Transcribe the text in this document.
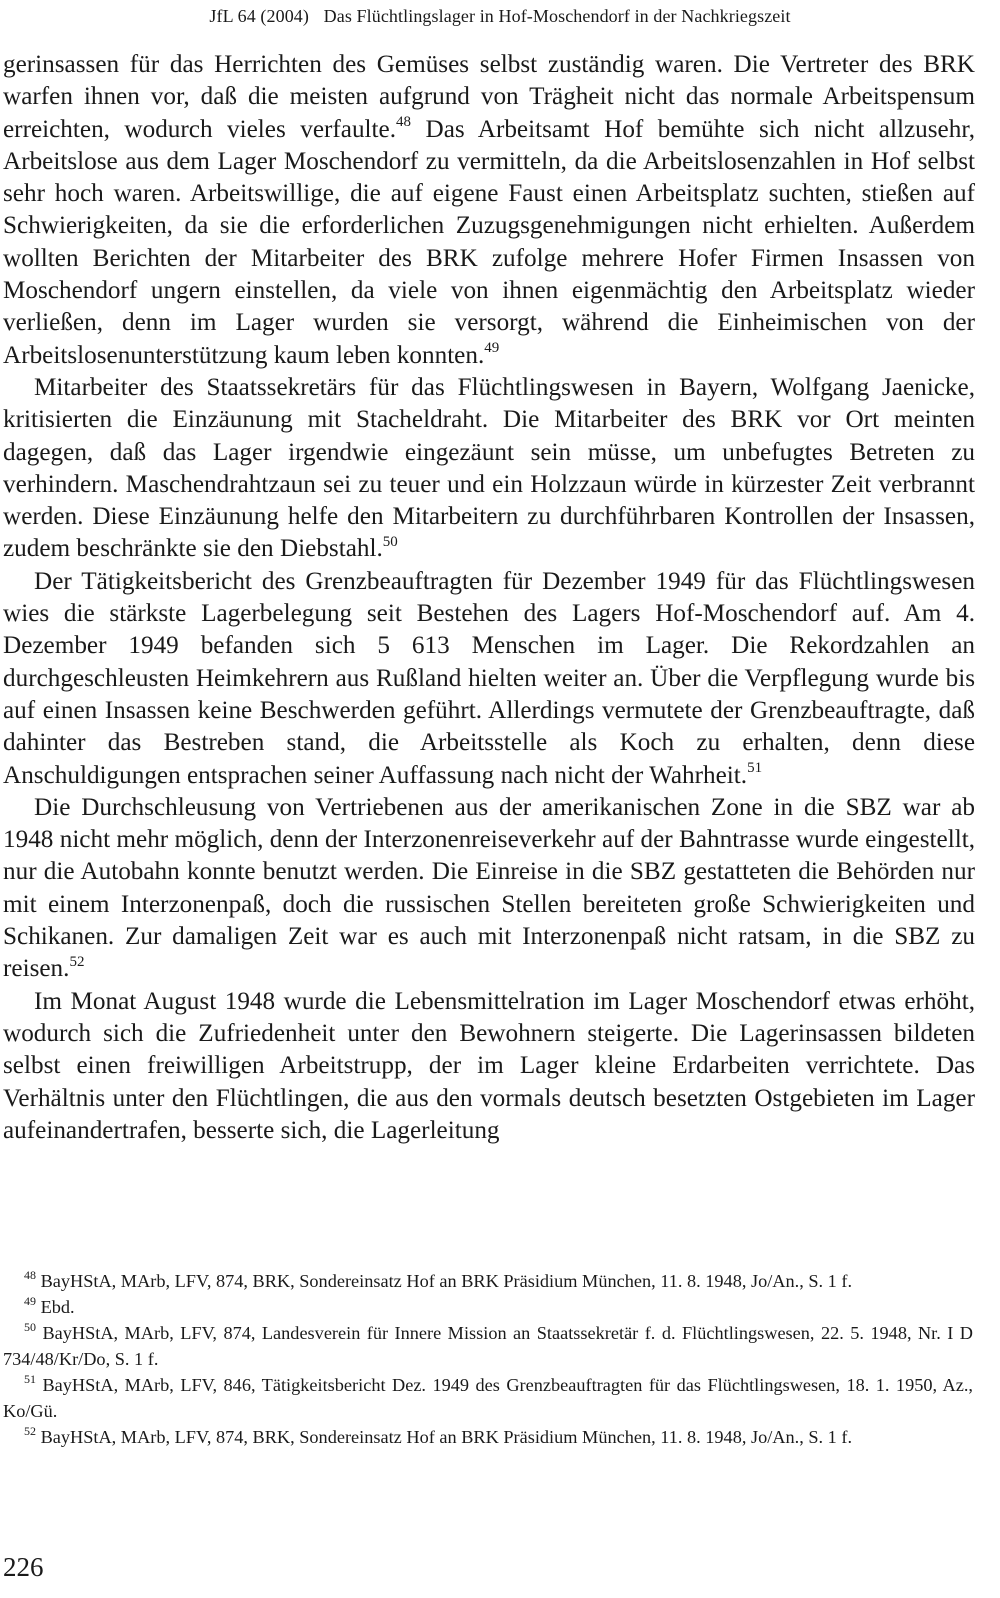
JfL 64 (2004) Das Flüchtlingslager in Hof-Moschendorf in der Nachkriegszeit

gerinsassen für das Herrichten des Gemüses selbst zuständig waren. Die Vertreter des BRK warfen ihnen vor, daß die meisten aufgrund von Trägheit nicht das normale Arbeitspensum erreichten, wodurch vieles verfaulte.$^{48}$ Das Arbeitsamt Hof bemühte sich nicht allzusehr, Arbeitslose aus dem Lager Moschendorf zu vermitteln, da die Arbeitslosenzahlen in Hof selbst sehr hoch waren. Arbeitswillige, die auf eigene Faust einen Arbeitsplatz suchten, stießen auf Schwierigkeiten, da sie die erforderlichen Zuzugsgenehmigungen nicht erhielten. Außerdem wollten Berichten der Mitarbeiter des BRK zufolge mehrere Hofer Firmen Insassen von Moschendorf ungern einstellen, da viele von ihnen eigenmächtig den Arbeitsplatz wieder verließen, denn im Lager wurden sie versorgt, während die Einheimischen von der Arbeitslosenunterstützung kaum leben konnten.$^{49}$

Mitarbeiter des Staatssekretärs für das Flüchtlingswesen in Bayern, Wolfgang Jaenicke, kritisierten die Einzäunung mit Stacheldraht. Die Mitarbeiter des BRK vor Ort meinten dagegen, daß das Lager irgendwie eingezäunt sein müsse, um unbefugtes Betreten zu verhindern. Maschendrahtzaun sei zu teuer und ein Holzzaun würde in kürzester Zeit verbrannt werden. Diese Einzäunung helfe den Mitarbeitern zu durchführbaren Kontrollen der Insassen, zudem beschränkte sie den Diebstahl.$^{50}$

Der Tätigkeitsbericht des Grenzbeauftragten für Dezember 1949 für das Flüchtlingswesen wies die stärkste Lagerbelegung seit Bestehen des Lagers Hof-Moschendorf auf. Am 4. Dezember 1949 befanden sich 5 613 Menschen im Lager. Die Rekordzahlen an durchgeschleusten Heimkehrern aus Rußland hielten weiter an. Über die Verpflegung wurde bis auf einen Insassen keine Beschwerden geführt. Allerdings vermutete der Grenzbeauftragte, daß dahinter das Bestreben stand, die Arbeitsstelle als Koch zu erhalten, denn diese Anschuldigungen entsprachen seiner Auffassung nach nicht der Wahrheit.$^{51}$

Die Durchschleusung von Vertriebenen aus der amerikanischen Zone in die SBZ war ab 1948 nicht mehr möglich, denn der Interzonenreiseverkehr auf der Bahntrasse wurde eingestellt, nur die Autobahn konnte benutzt werden. Die Einreise in die SBZ gestatteten die Behörden nur mit einem Interzonenpaß, doch die russischen Stellen bereiteten große Schwierigkeiten und Schikanen. Zur damaligen Zeit war es auch mit Interzonenpaß nicht ratsam, in die SBZ zu reisen.$^{52}$

Im Monat August 1948 wurde die Lebensmittelration im Lager Moschendorf etwas erhöht, wodurch sich die Zufriedenheit unter den Bewohnern steigerte. Die Lagerinsassen bildeten selbst einen freiwilligen Arbeitstrupp, der im Lager kleine Erdarbeiten verrichtete. Das Verhältnis unter den Flüchtlingen, die aus den vormals deutsch besetzten Ostgebieten im Lager aufeinandertrafen, besserte sich, die Lagerleitung

$^{48}$ BayHStA, MArb, LFV, 874, BRK, Sondereinsatz Hof an BRK Präsidium München, 11. 8. 1948, Jo/An., S. 1 f.

$^{49}$ Ebd.

$^{50}$ BayHStA, MArb, LFV, 874, Landesverein für Innere Mission an Staatssekretär f. d. Flüchtlingswesen, 22. 5. 1948, Nr. I D 734/48/Kr/Do, S. 1 f.

$^{51}$ BayHStA, MArb, LFV, 846, Tätigkeitsbericht Dez. 1949 des Grenzbeauftragten für das Flüchtlingswesen, 18. 1. 1950, Az., Ko/Gü.

$^{52}$ BayHStA, MArb, LFV, 874, BRK, Sondereinsatz Hof an BRK Präsidium München, 11. 8. 1948, Jo/An., S. 1 f.

226
